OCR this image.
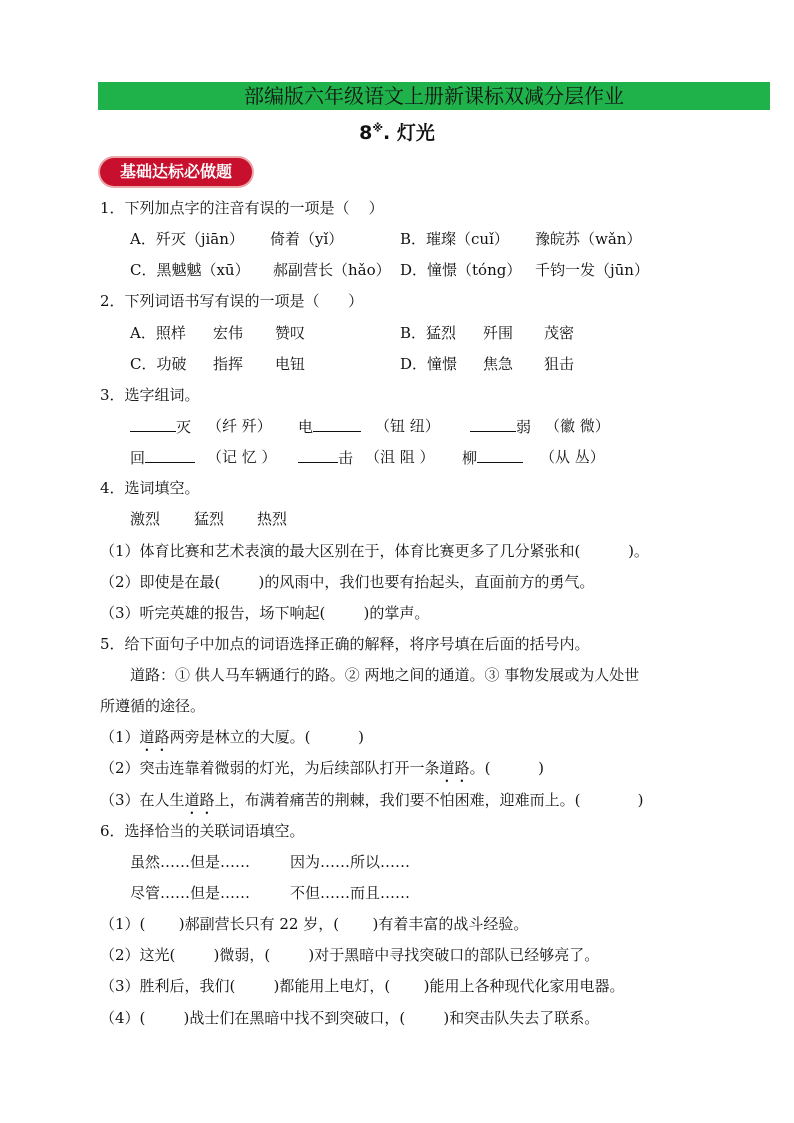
部编版六年级语文上册新课标双减分层作业
8※. 灯光
基础达标必做题
1．下列加点字的注音有误的一项是（    ）
A．歼灭（jiān） 倚着（yǐ）	B．璀璨（cuǐ） 豫皖苏（wǎn）
C．黑魆魆（xū） 郝副营长（hǎo） D．憧憬（tóng） 千钧一发（jūn）
2．下列词语书写有误的一项是（      ）
A．照样 宏伟 赞叹	B．猛烈 歼围 茂密
C．功破 指挥 电钮	D．憧憬 焦急 狙击
3．选字组词。
灭 （纤 歼） 电	（钮 纽）	弱 （徽 微）
回	（记 忆 ）	击 （沮 阻 ） 柳	（从 丛）
4．选词填空。
激烈 猛烈 热烈
（1）体育比赛和艺术表演的最大区别在于，体育比赛更多了几分紧张和(          )。
（2）即使是在最(        )的风雨中，我们也要有抬起头，直面前方的勇气。
（3）听完英雄的报告，场下响起(        )的掌声。
5．给下面句子中加点的词语选择正确的解释，将序号填在后面的括号内。
道路：① 供人马车辆通行的路。② 两地之间的通道。③ 事物发展或为人处世
所遵循的途径。
（1）道路两旁是林立的大厦。(          )
（2）突击连靠着微弱的灯光，为后续部队打开一条道路。(          )
（3）在人生道路上，布满着痛苦的荆棘，我们要不怕困难，迎难而上。(            )
6．选择恰当的关联词语填空。
虽然……但是……	因为……所以……
尽管……但是……	不但……而且……
（1）(       )郝副营长只有 22 岁，(       )有着丰富的战斗经验。
（2）这光(        )微弱，(        )对于黑暗中寻找突破口的部队已经够亮了。
（3）胜利后，我们(        )都能用上电灯，(       )能用上各种现代化家用电器。
（4）(        )战士们在黑暗中找不到突破口，(        )和突击队失去了联系。
